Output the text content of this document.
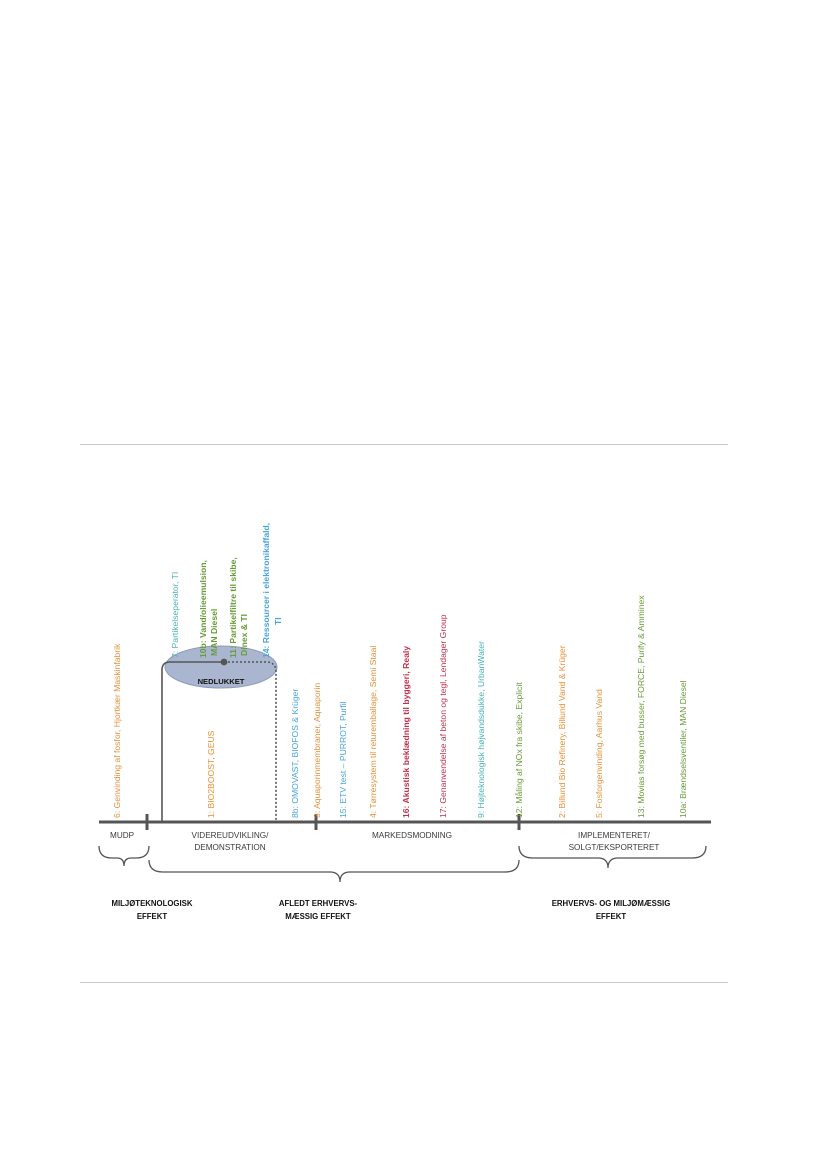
NEDLUKKET
6: Genvinding af fosfor, Hjortkær Maskinfabrik
7: Partikelseperator, TI 10b: Vand/olieemulsion, MAN Diesel
1: BIO2BOOST, GEUS
11: Partikelfiltre til skibe, Dinex & TI 14: Ressourcer i elektronikaffald, TI
8b: OMOVAST, BIOFOS & Krüger 3: Aquaporinmembraner, Aquaporin 15: ETV test – PURROT, Purfil 4: Tørresystem til returemballage, Semi Staal	16: Akustisk beklædning til byggeri, Realy	17: Genanvendelse af beton og tegl, Lendager Group	9: Højteknologisk højvandsdukke, UrbanWater	12: Måling af NOx fra skibe, Explicit	2: Billund Bio Refinery, Billund Vand & Krüger	5: Fosforgenvinding, Aarhus Vand	13: Movias forsøg med busser, FORCE, Purify & Amminex	10a: Brændselsventiler, MAN Diesel
MUDP	VIDEREUDVIKLING/
DEMONSTRATION
MARKEDSMODNING	IMPLEMENTERET/
SOLGT/EKSPORTERET
MILJØTEKNOLOGISK
EFFEKT
AFLEDT ERHVERVS-
MÆSSIG EFFEKT
ERHVERVS- OG MILJØMÆSSIG
EFFEKT
